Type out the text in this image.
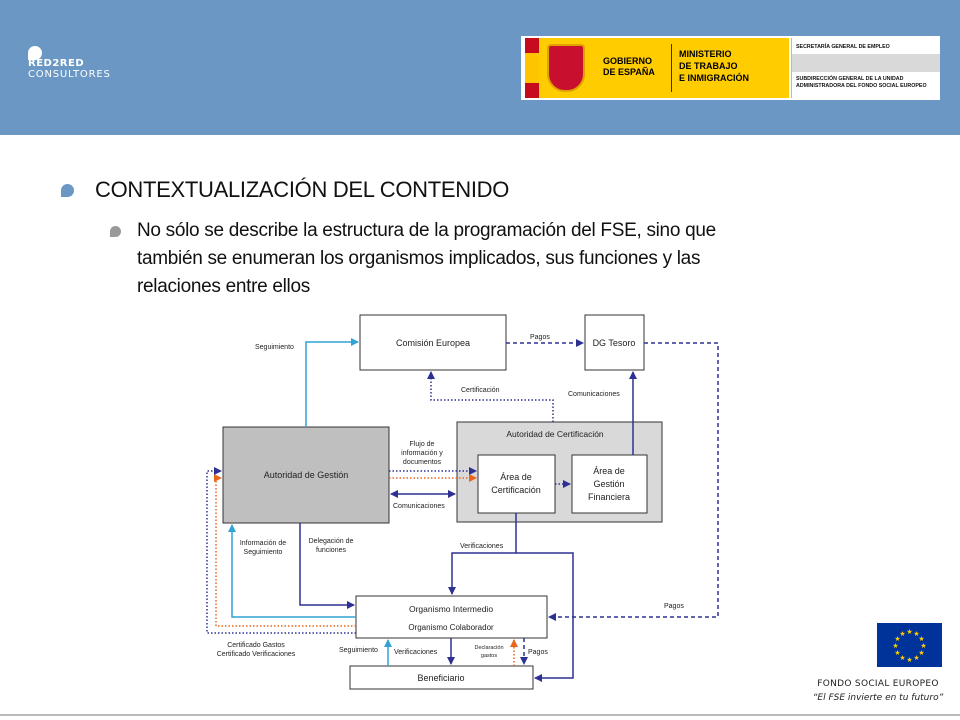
RED2RED
CONSULTORES
GOBIERNO
DE ESPAÑA
MINISTERIO
DE TRABAJO
E INMIGRACIÓN
SECRETARÍA GENERAL DE EMPLEO
SUBDIRECCIÓN GENERAL DE LA UNIDAD
ADMINISTRADORA DEL FONDO SOCIAL EUROPEO
CONTEXTUALIZACIÓN DEL CONTENIDO
No sólo se describe la estructura de la programación del FSE, sino que
también se enumeran los organismos implicados, sus funciones y las
relaciones entre ellos
Comisión Europea	DG Tesoro
Autoridad de Certificación
Área de
Certificación
Área de
Gestión
Financiera
Autoridad de Gestión
Organismo Intermedio
Organismo Colaborador
Beneficiario
Seguimiento
Pagos
Certificación
Comunicaciones
Flujo de
información y
documentos
Comunicaciones
Verificaciones
Información de
Seguimiento
Delegación de
funciones
Pagos
Certificado Gastos
Certificado Verificaciones
Seguimiento Verificaciones
Declaración
gastos	Pagos
★ ★
★
★
★
★
★
★
★
★
★
★
FONDO SOCIAL EUROPEO
“El FSE invierte en tu futuro”
